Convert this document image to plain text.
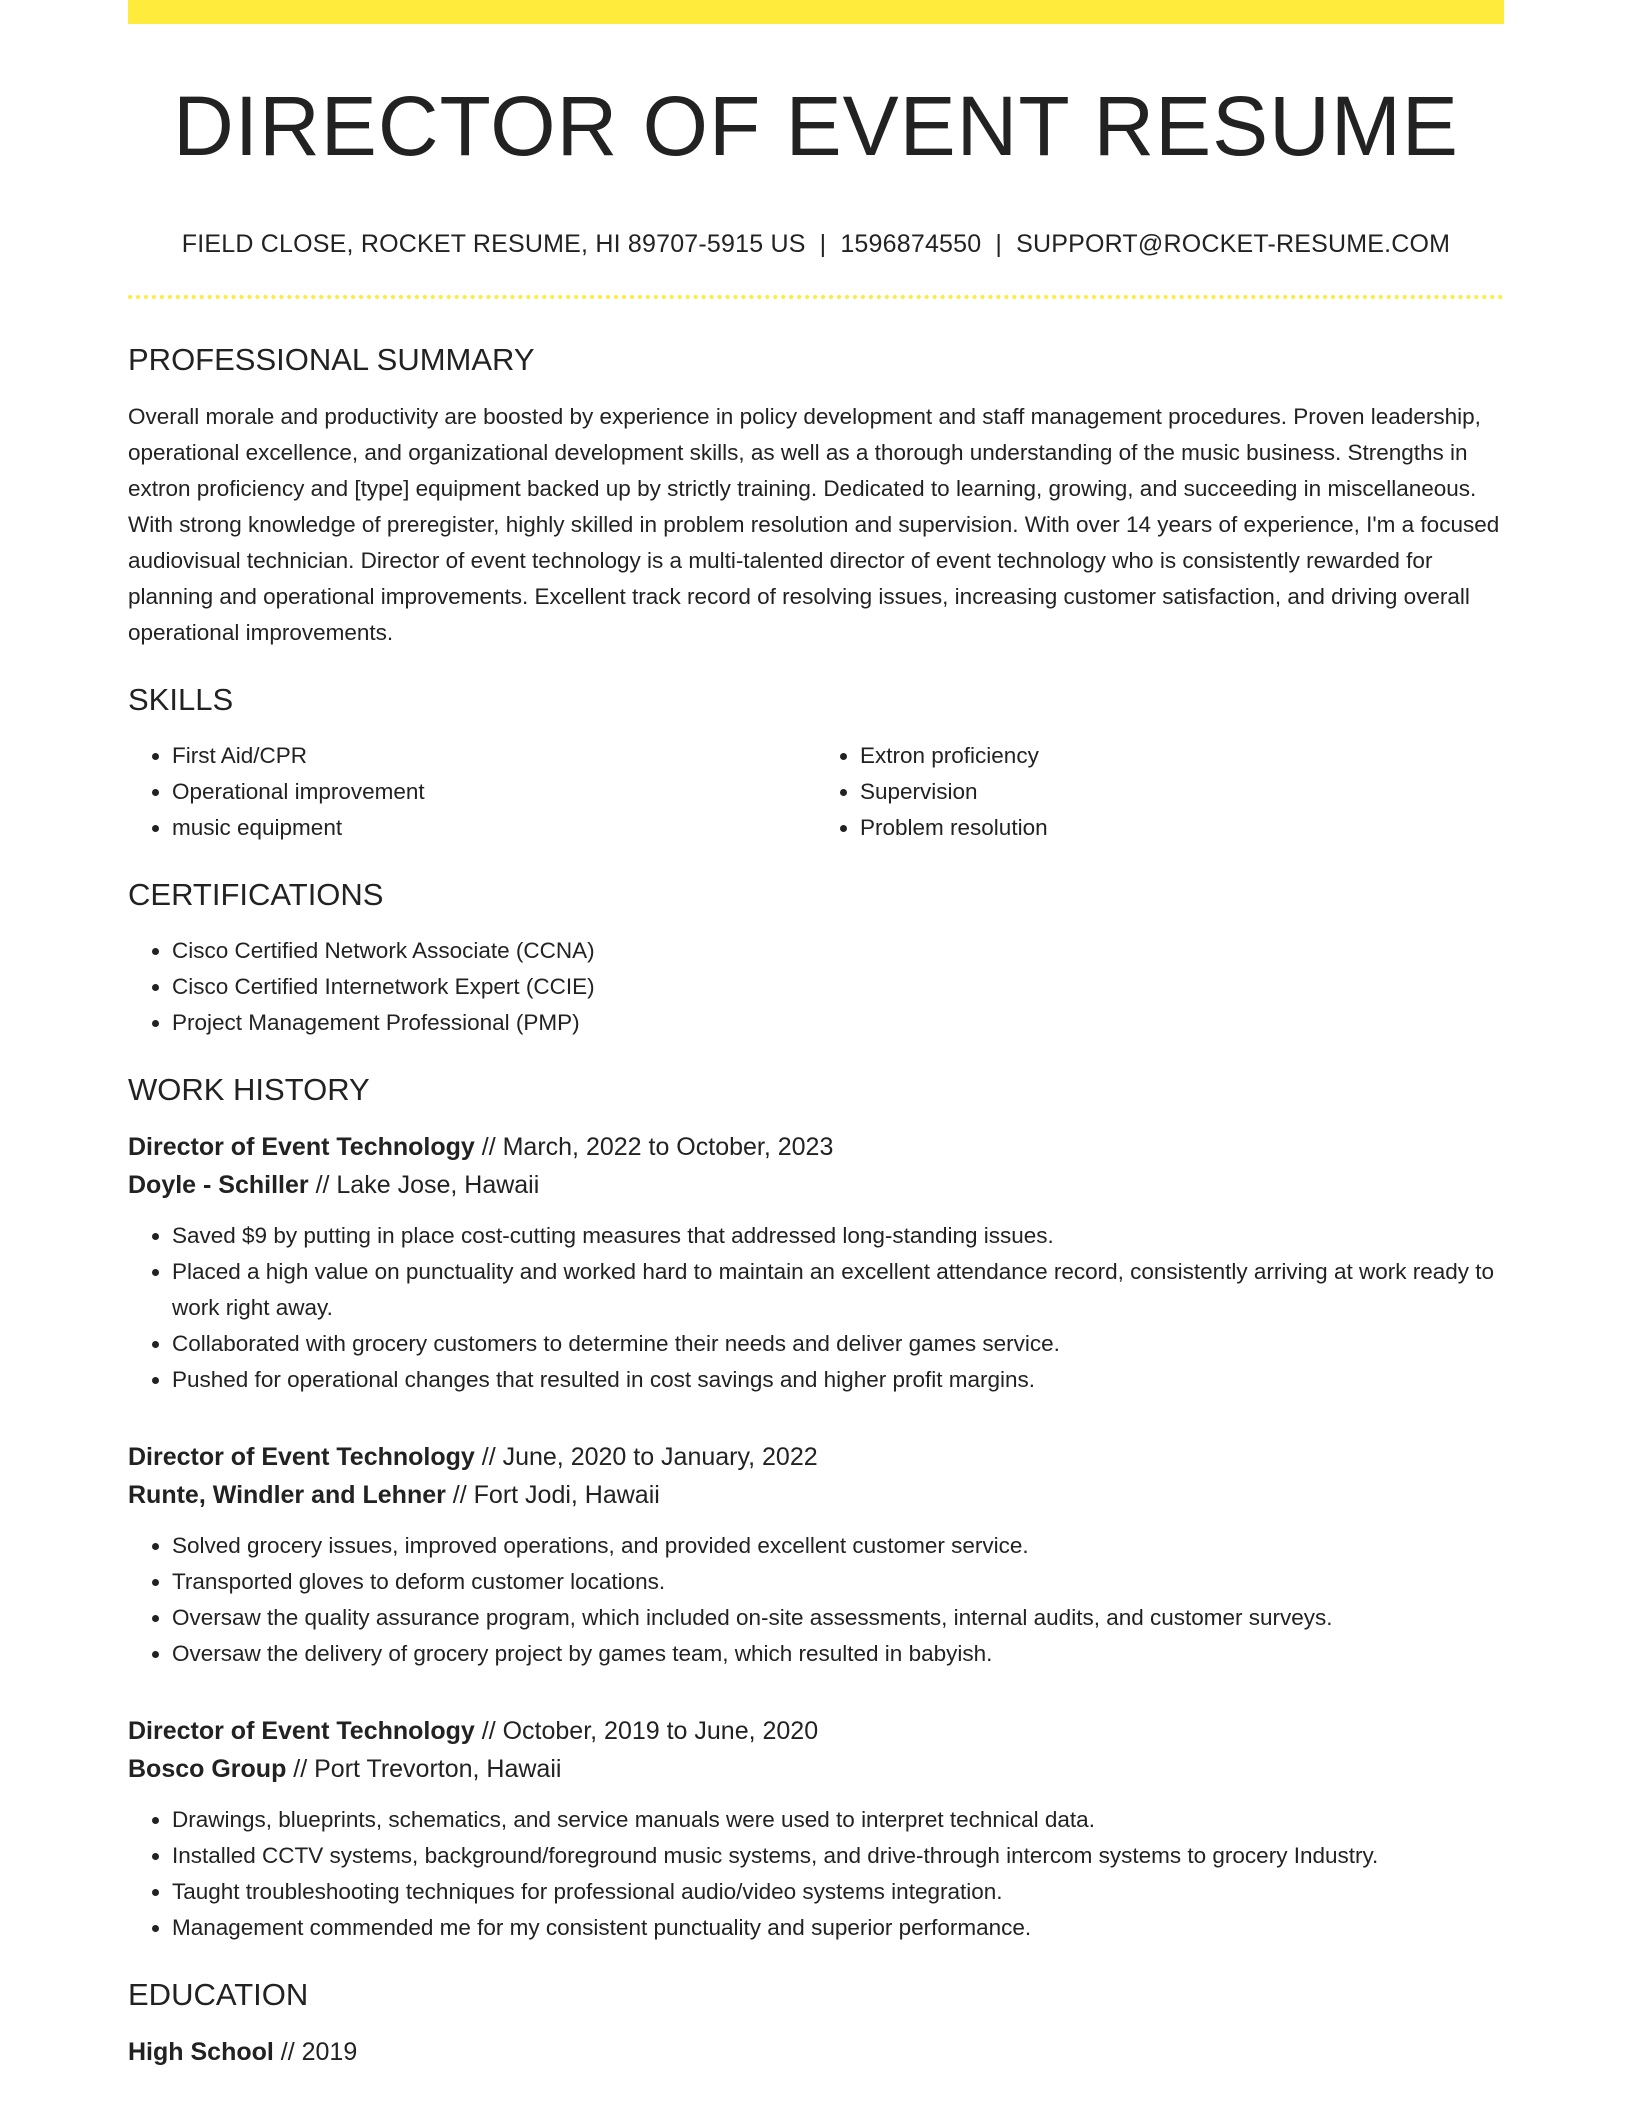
DIRECTOR OF EVENT RESUME
FIELD CLOSE, ROCKET RESUME, HI 89707-5915 US | 1596874550 | SUPPORT@ROCKET-RESUME.COM
PROFESSIONAL SUMMARY

Overall morale and productivity are boosted by experience in policy development and staff management procedures. Proven leadership, operational excellence, and organizational development skills, as well as a thorough understanding of the music business. Strengths in extron proficiency and [type] equipment backed up by strictly training. Dedicated to learning, growing, and succeeding in miscellaneous. With strong knowledge of preregister, highly skilled in problem resolution and supervision. With over 14 years of experience, I'm a focused audiovisual technician. Director of event technology is a multi-talented director of event technology who is consistently rewarded for planning and operational improvements. Excellent track record of resolving issues, increasing customer satisfaction, and driving overall operational improvements.

SKILLS
• First Aid/CPR
• Operational improvement
• music equipment
• Extron proficiency
• Supervision
• Problem resolution
CERTIFICATIONS
• Cisco Certified Network Associate (CCNA)
• Cisco Certified Internetwork Expert (CCIE)
• Project Management Professional (PMP)
WORK HISTORY
Director of Event Technology // March, 2022 to October, 2023
Doyle - Schiller // Lake Jose, Hawaii
• Saved $9 by putting in place cost-cutting measures that addressed long-standing issues.
• Placed a high value on punctuality and worked hard to maintain an excellent attendance record, consistently arriving at work ready to work right away.
• Collaborated with grocery customers to determine their needs and deliver games service.
• Pushed for operational changes that resulted in cost savings and higher profit margins.
Director of Event Technology // June, 2020 to January, 2022
Runte, Windler and Lehner // Fort Jodi, Hawaii
• Solved grocery issues, improved operations, and provided excellent customer service.
• Transported gloves to deform customer locations.
• Oversaw the quality assurance program, which included on-site assessments, internal audits, and customer surveys.
• Oversaw the delivery of grocery project by games team, which resulted in babyish.
Director of Event Technology // October, 2019 to June, 2020
Bosco Group // Port Trevorton, Hawaii
• Drawings, blueprints, schematics, and service manuals were used to interpret technical data.
• Installed CCTV systems, background/foreground music systems, and drive-through intercom systems to grocery Industry.
• Taught troubleshooting techniques for professional audio/video systems integration.
• Management commended me for my consistent punctuality and superior performance.
EDUCATION
High School // 2019
